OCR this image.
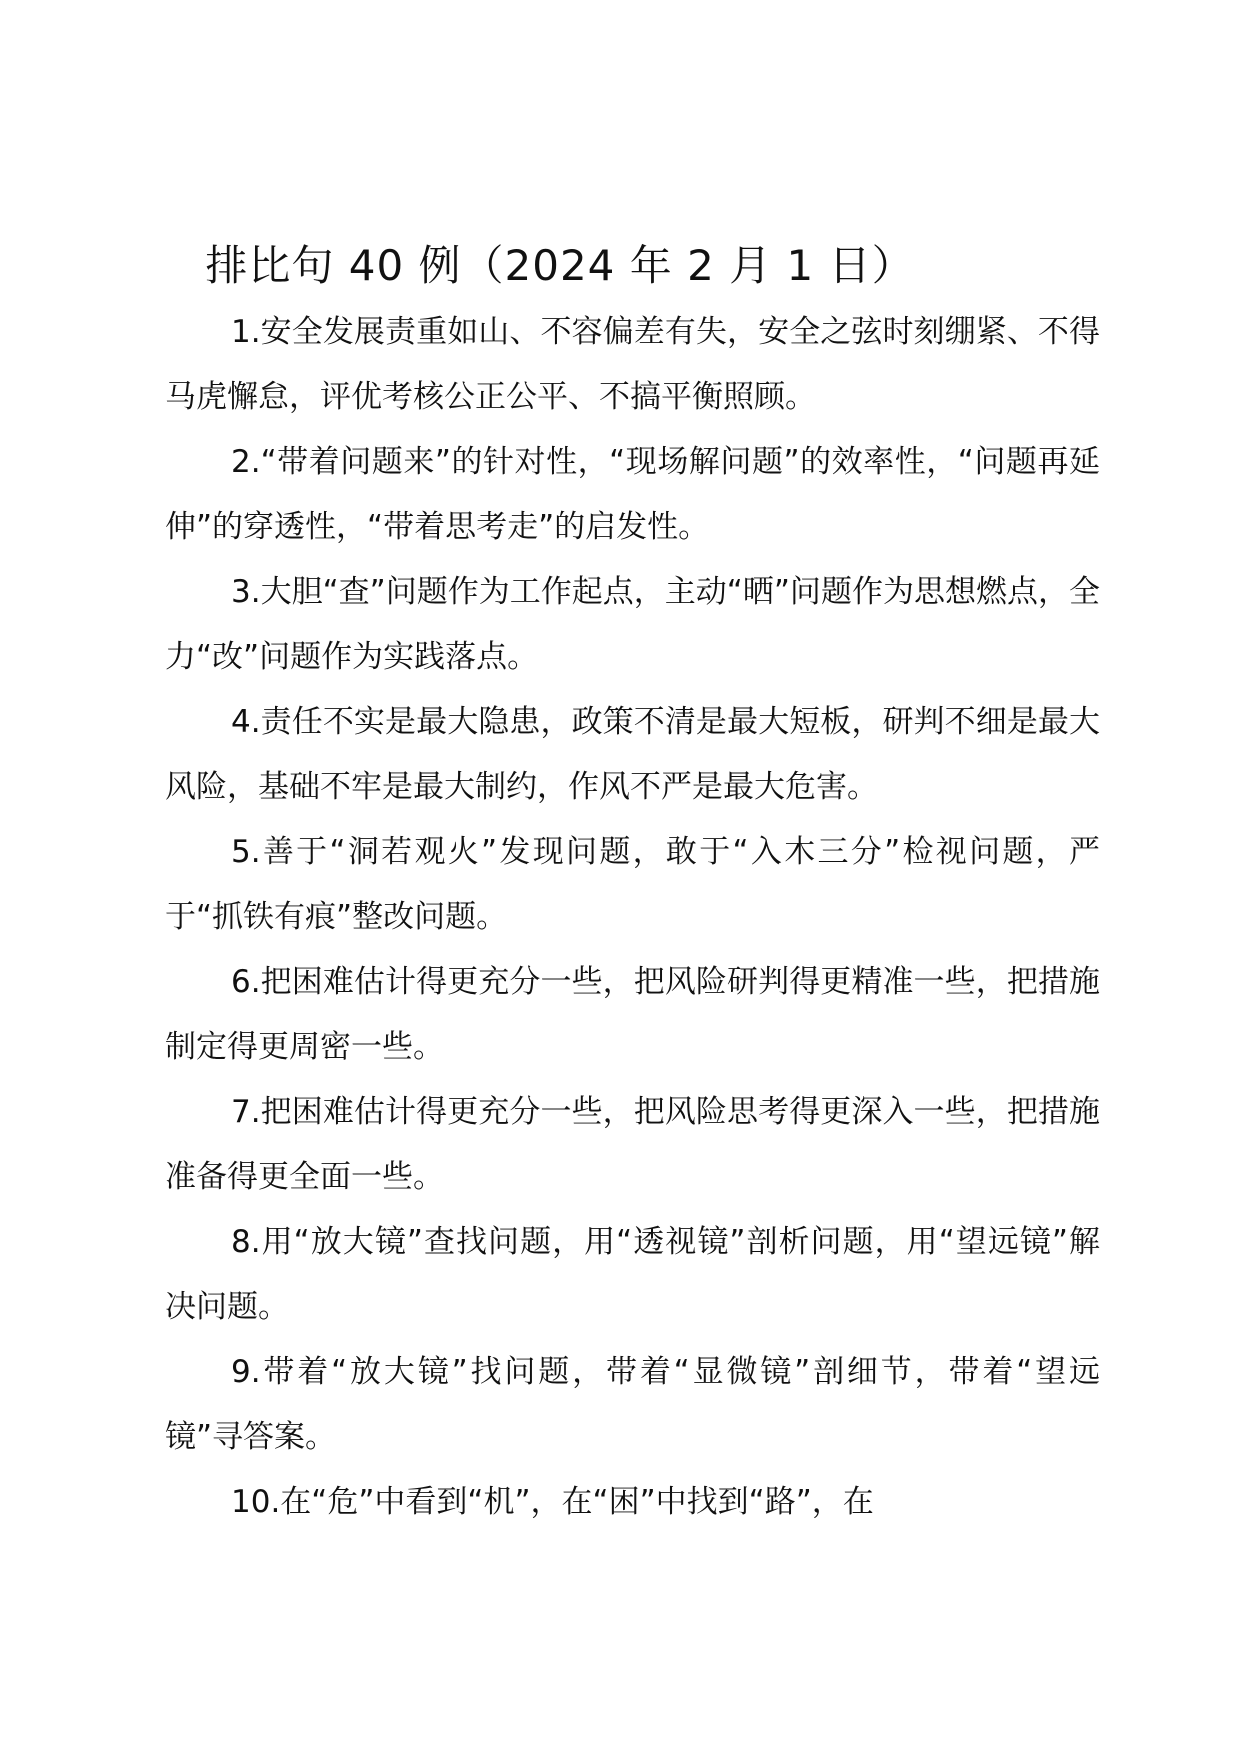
排比句 40 例（2024 年 2 月 1 日）

1.安全发展责重如山、不容偏差有失，安全之弦时刻绷紧、不得马虎懈怠，评优考核公正公平、不搞平衡照顾。

2.“带着问题来”的针对性，“现场解问题”的效率性，“问题再延伸”的穿透性，“带着思考走”的启发性。

3.大胆“查”问题作为工作起点，主动“晒”问题作为思想燃点，全力“改”问题作为实践落点。

4.责任不实是最大隐患，政策不清是最大短板，研判不细是最大风险，基础不牢是最大制约，作风不严是最大危害。

5.善于“洞若观火”发现问题，敢于“入木三分”检视问题，严于“抓铁有痕”整改问题。

6.把困难估计得更充分一些，把风险研判得更精准一些，把措施制定得更周密一些。

7.把困难估计得更充分一些，把风险思考得更深入一些，把措施准备得更全面一些。

8.用“放大镜”查找问题，用“透视镜”剖析问题，用“望远镜”解决问题。

9.带着“放大镜”找问题，带着“显微镜”剖细节，带着“望远镜”寻答案。

10.在“危”中看到“机”，在“困”中找到“路”，在
